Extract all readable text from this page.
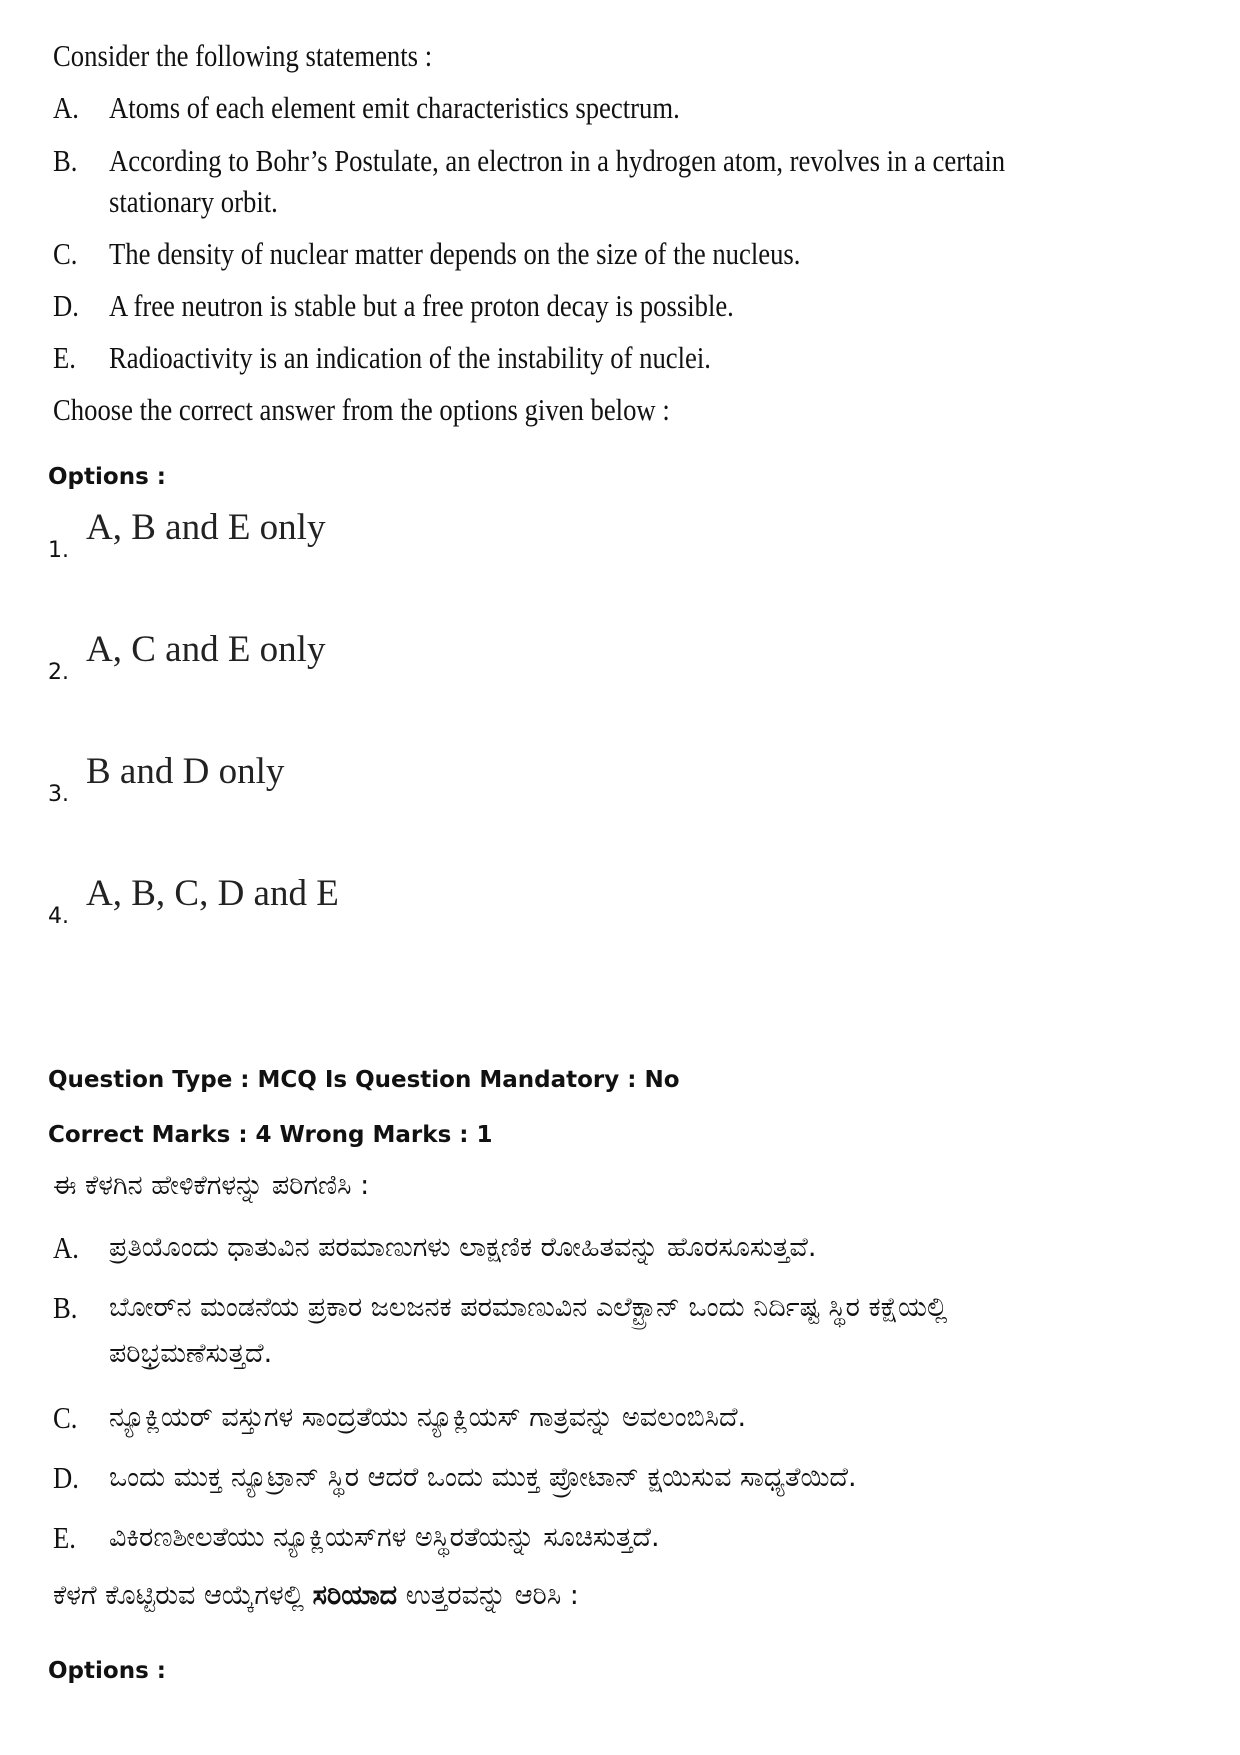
Consider the following statements :
A. Atoms of each element emit characteristics spectrum.
B. According to Bohr’s Postulate, an electron in a hydrogen atom, revolves in a certain
stationary orbit.
C. The density of nuclear matter depends on the size of the nucleus.
D. A free neutron is stable but a free proton decay is possible.
E. Radioactivity is an indication of the instability of nuclei.
Choose the correct answer from the options given below :
Options :
1.
A, B and E only
2.
A, C and E only
3.
B and D only
4.
A, B, C, D and E
Question Type : MCQ Is Question Mandatory : No
Correct Marks : 4 Wrong Marks : 1
ಈ ಕೆಳಗಿನ ಹೇಳಿಕೆಗಳನ್ನು ಪರಿಗಣಿಸಿ :
A. ಪ್ರತಿಯೊಂದು ಧಾತುವಿನ ಪರಮಾಣುಗಳು ಲಾಕ್ಷಣಿಕ ರೋಹಿತವನ್ನು ಹೊರಸೂಸುತ್ತವೆ.
B. ಬೋರ್‌ನ ಮಂಡನೆಯ ಪ್ರಕಾರ ಜಲಜನಕ ಪರಮಾಣುವಿನ ಎಲೆಕ್ಟ್ರಾನ್ ಒಂದು ನಿರ್ದಿಷ್ಟ ಸ್ಥಿರ ಕಕ್ಷೆಯಲ್ಲಿ
ಪರಿಭ್ರಮಣೆಸುತ್ತದೆ.
C. ನ್ಯೂಕ್ಲಿಯರ್ ವಸ್ತುಗಳ ಸಾಂದ್ರತೆಯು ನ್ಯೂಕ್ಲಿಯಸ್ ಗಾತ್ರವನ್ನು ಅವಲಂಬಿಸಿದೆ.
D. ಒಂದು ಮುಕ್ತ ನ್ಯೂಟ್ರಾನ್ ಸ್ಥಿರ ಆದರೆ ಒಂದು ಮುಕ್ತ ಪ್ರೋಟಾನ್ ಕ್ಷಯಿಸುವ ಸಾಧ್ಯತೆಯಿದೆ.
E. ವಿಕಿರಣಶೀಲತೆಯು ನ್ಯೂಕ್ಲಿಯಸ್‌ಗಳ ಅಸ್ಥಿರತೆಯನ್ನು ಸೂಚಿಸುತ್ತದೆ.
ಕೆಳಗೆ ಕೊಟ್ಟಿರುವ ಆಯ್ಕೆಗಳಲ್ಲಿ ಸರಿಯಾದ ಉತ್ತರವನ್ನು ಆರಿಸಿ :
Options :
